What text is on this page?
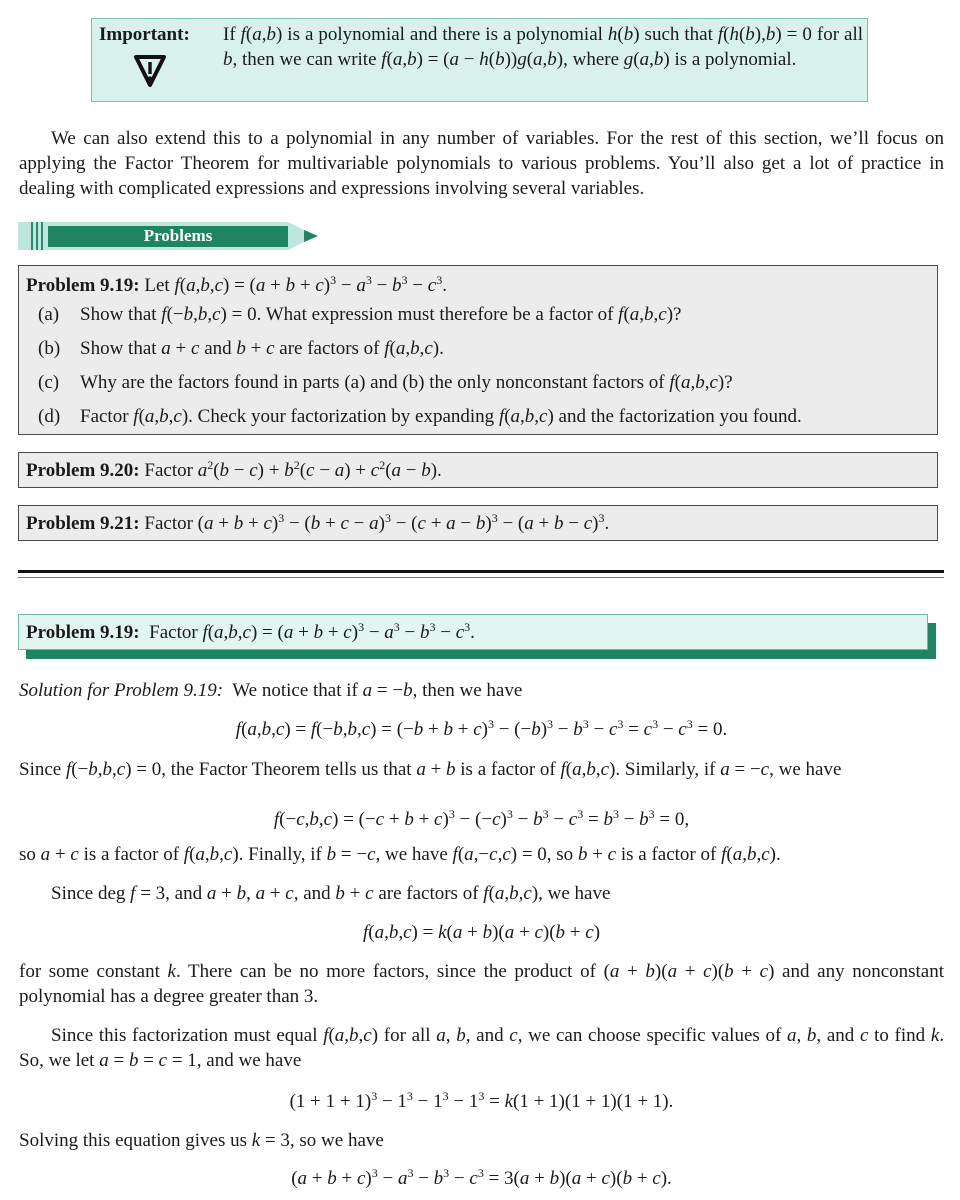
Important: If f(a,b) is a polynomial and there is a polynomial h(b) such that f(h(b),b) = 0 for all b, then we can write f(a,b) = (a − h(b))g(a,b), where g(a,b) is a polynomial.
We can also extend this to a polynomial in any number of variables. For the rest of this section, we’ll focus on applying the Factor Theorem for multivariable polynomials to various problems. You’ll also get a lot of practice in dealing with complicated expressions and expressions involving several variables.
Problems
Problem 9.19: Let $f(a,b,c) = (a + b + c)^3 - a^3 - b^3 - c^3$.
(a) Show that f(−b,b,c) = 0. What expression must therefore be a factor of f(a,b,c)?
(b) Show that a + c and b + c are factors of f(a,b,c).
(c) Why are the factors found in parts (a) and (b) the only nonconstant factors of f(a,b,c)?
(d) Factor f(a,b,c). Check your factorization by expanding f(a,b,c) and the factorization you found.
Problem 9.20: Factor $a^2(b - c) + b^2(c - a) + c^2(a - b)$.
Problem 9.21: Factor $(a + b + c)^3 - (b + c - a)^3 - (c + a - b)^3 - (a + b - c)^3$.
Problem 9.19: Factor $f(a,b,c) = (a + b + c)^3 - a^3 - b^3 - c^3$.
Solution for Problem 9.19: We notice that if a = −b, then we have
$f(a,b,c) = f(-b,b,c) = (-b + b + c)^3 - (-b)^3 - b^3 - c^3 = c^3 - c^3 = 0$.
Since f(−b,b,c) = 0, the Factor Theorem tells us that a + b is a factor of f(a,b,c). Similarly, if a = −c, we have
$f(-c,b,c) = (-c + b + c)^3 - (-c)^3 - b^3 - c^3 = b^3 - b^3 = 0$,
so a + c is a factor of f(a,b,c). Finally, if b = −c, we have f(a,−c,c) = 0, so b + c is a factor of f(a,b,c).
Since deg f = 3, and a + b, a + c, and b + c are factors of f(a,b,c), we have
f(a,b,c) = k(a + b)(a + c)(b + c)
for some constant k. There can be no more factors, since the product of (a + b)(a + c)(b + c) and any nonconstant polynomial has a degree greater than 3.
Since this factorization must equal f(a,b,c) for all a, b, and c, we can choose specific values of a, b, and c to find k. So, we let a = b = c = 1, and we have
$(1 + 1 + 1)^3 - 1^3 - 1^3 - 1^3 = k(1 + 1)(1 + 1)(1 + 1)$.
Solving this equation gives us k = 3, so we have
$(a + b + c)^3 - a^3 - b^3 - c^3 = 3(a + b)(a + c)(b + c)$.
